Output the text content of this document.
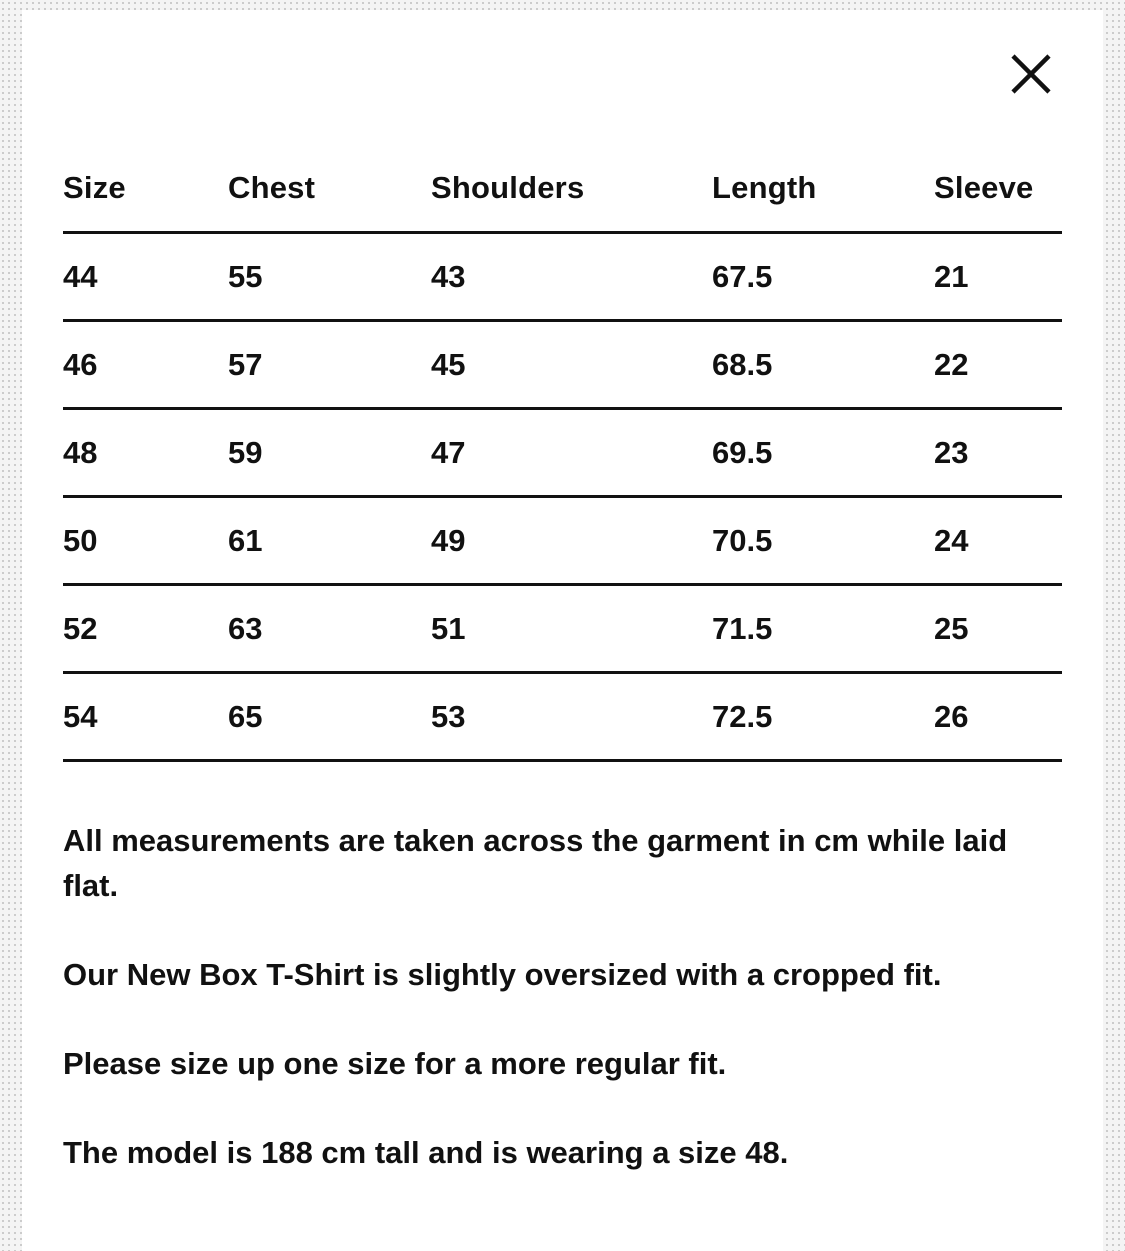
Size	Chest	Shoulders	Length	Sleeve
44	55	43	67.5	21
46	57	45	68.5	22
48	59	47	69.5	23
50	61	49	70.5	24
52	63	51	71.5	25
54	65	53	72.5	26

All measurements are taken across the garment in cm while laid flat.

Our New Box T-Shirt is slightly oversized with a cropped fit.

Please size up one size for a more regular fit.

The model is 188 cm tall and is wearing a size 48.
